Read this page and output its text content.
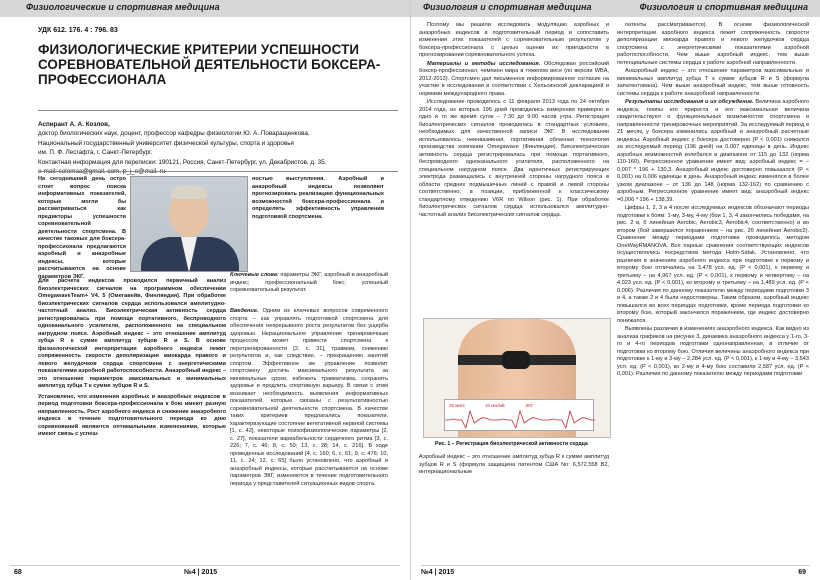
Физиологические и спортивная медицина
УДК 612. 176. 4 : 796. 83
ФИЗИОЛОГИЧЕСКИЕ КРИТЕРИИ УСПЕШНОСТИ СОРЕВНОВАТЕЛЬНОЙ ДЕЯТЕЛЬНОСТИ БОКСЕРА-ПРОФЕССИОНАЛА
Аспирант А. А. Козлов,
доктор биологических наук, доцент, профессор кафедры физиологии Ю. А. Поваращенкова,
Национальный государственный университет физической культуры, спорта и здоровья
им. П. Ф. Лесгафта, г. Санкт-Петербург.
Контактная информация для переписки: 190121, Россия, Санкт-Петербург, ул. Декабристов, д. 35.
На сегодняшний день остро стоит вопрос поиска информативных показателей, которые могли бы рассматриваться как предикторы успешности соревновательной деятельности спортсмена. В качестве таковых для боксера-профессионала предлагаются аэробный и анаэробные индексы, которые рассчитываются на основе параметров ЭКГ.
ностью выступления. Аэробный и анаэробный индексы позволяют прогнозировать реализацию функциональных возможностей боксера-профессионала и определять эффективность управления подготовкой спортсмена.
Для расчета индексов проводился первичный анализ биоэлектрических сигналов на программном обеспечении OmegawaveTeam+ V4. 5 (Омегавейв, Финляндия). При обработке биоэлектрических сигналов сердца использовался амплитудно-частотный анализ. Биоэлектрическая активность сердца регистрировалась при помощи портативного, беспроводного одноканального усилителя, расположенного на специальном нагрудном поясе. Аэробный индекс – это отношение амплитуд зубца R к сумме амплитуд зубцов R и S. В основе физиологической интерпретации аэробного индекса лежит сопряженность скорости деполяризации миокарда правого и левого желудочков сердца спортсмена с энергетическими показателями аэробной работоспособности. Анаэробный индекс – это отношение параметров максимальных и минимальных амплитуд зубца Т к сумме зубцов R и S.
Установлено, что изменения аэробных и анаэробных индексов в период подготовки боксера-профессионала к бою имеют разную направленность. Рост аэробного индекса и снижение анаэробного индекса в течение подготовительного периода ко дню соревнований являются оптимальными изменениями, которые имеют связь с успеш-
Ключевые слова: параметры ЭКГ; аэробный и анаэробный индекс; профессиональный бокс; успешный соревновательный результат.
Введение. Одним из ключевых вопросов современного спорта – как управлять подготовкой спортсмена для обеспечения непрерывного роста результатов без ущерба здоровью. Нерациональное управление тренировочным процессом может привести спортсмена к перетренированности [2, с. 31], травмам, снижению результатов и, как следствие, – прекращению занятий спортом. Эффективное же управление позволит спортсмену достичь максимального результата за минимальные сроки, избежать травматизма, сохранить здоровье и продлить спортивную карьеру. В связи с этим возникает необходимость выявления информативных показателей, которые связаны с результативностью соревновательной деятельности спортсмена. В качестве таких критериев предлагались показатели, характеризующие состояние вегетативной нервной системы [1, с. 42], некоторые психофизиологические параметры [2, с. 27], показатели вариабельности сердечного ритма [3, с. 226; 7, с. 46; 8, с. 50; 13, с. 28; 14, с. 216]. В ходе проведенных исследований [4, с. 160; 6, с. 61; 9, с. 476; 10, 11, с. 24; 12, с. 65] было установлено, что аэробный и анаэробный индексы, которые рассчитываются на основе параметров ЭКГ, изменяются в течение подготовительного периода у представителей ситуационных видов спорта.
68	№4 | 2015
Физиология и спортивная медицина	Физиология и спортивная медицина

Поэтому мы решили исследовать модуляцию аэробных и анаэробных индексов в подготовительный период и сопоставить изменения этих показателей с соревновательным результатом у боксера-профессионала с целью оценки их пригодности в прогнозировании соревновательного успеха.

Материалы и методы исследования. Обследован российский боксер-профессионал, чемпион мира в тяжелом весе (по версии WBA, 2012-2013). Спортсмен дал письменное информированное согласие на участие в исследовании в соответствии с Хельсинской декларацией и нормами международного права.

Исследование проводилось с 11 февраля 2013 года по 24 октября 2014 года, из которых 196 дней проводились измерения примерно в одно и то же время суток – 7:30 до 9:00 часов утра. Регистрация биоэлектрических сигналов проводилась в стандартных условиях, необходимых для качественной записи ЭКГ. В исследовании использовалось неинвазивная, портативная облачная технология производства компании Omegawave (Финляндия). Биоэлектрическая активность сердца регистрировалась при помощи портативного, беспроводного одноканального усилителя, расположенного на специальном нагрудном поясе. Два идентичных регистрирующих электрода размещались с внутренней стороны нагрудного пояса в области средних подмышечных линий с правой и левой стороны соответственно, в позиции, приближенной к классическому стандартному отведению V6R по Wilson (рис. 1). При обработке биоэлектрических сигналов сердца использовался амплитудно-частотный анализ биоэлектрических сигналов сердца.

25 мм/с	10 мм/мВ	ЭКГ
Рис. 1 – Регистрация биоэлектрической активности сердца
Аэробный индекс – это отношение амплитуд зубца R к сумме амплитуд зубцов R и S (формула защищена патентом США No: 6,572,558 B2, интернациональные

патенты рассматриваются). В основе физиологической интерпретации аэробного индекса лежит сопряженность скорости деполяризации миокарда правого и левого желудочков сердца спортсмена с энергетическими показателями аэробной работоспособности. Чем выше аэробный индекс, тем выше потенциальные системы сердца к работе аэробной направленности.

Анаэробный индекс – это отношение параметров максимальных и минимальных амплитуд зубца Т к сумме зубцов R и S (формула запатентована). Чем выше анаэробный индекс, тем выше готовность системы сердца к работе анаэробной направленности.

Результаты исследования и их обсуждение. Величина аэробного индекса, темпы его прироста и его максимальная величина свидетельствуют о функциональных возможностях спортсмена и направленности тренировочных мероприятий. За исследуемый период в 21 месяц у боксера изменились аэробный и анаэробный расчетные индексы. Аэробный индекс у боксера достоверно (P < 0,001) снижался за исследуемый период (196 дней) на 0,007 единицы в день. Индекс аэробных возможностей колебался в диапазоне от 115 до 132 (норма 110-160). Регрессионное уравнение имеет вид: аэробный индекс = – 0,007 * 196 + 130,3. Анаэробный индекс достоверно повышался (P < 0,001) на 0,006 единицы в день. Анаэробный индекс изменялся в более узком диапазоне – от 136 до 148 (норма 132-162) по сравнению с аэробным. Регрессионное уравнение имеет вид: анаэробный индекс =0,006 * 196 + 138,39.

Цифры 1, 2, 3 и 4 после исследуемых индексов обозначают периоды подготовки к боям: 1-му, 3-му, 4-му (бои 1, 3, 4 закончились победами, на рис. 2 в, б линейная Aerobic, Aerobic3, Aerobic4, соответственно) и во втором (бой завершился поражением – на рис. 2б линейная Aerobic2). Сравнение между периодами подготовки проводилось методом OneWayRMANOVA. Все парные сравнения соответствующих индексов осуществлялись посредством метода Holm-Sidak. Установлено, что различия в значениях аэробного индекса при подготовке к первому и второму бою отличались на 3,478 усл. ед. (P < 0,001), к первому и третьему – на 4,967 усл. ед. (P < 0,001), к первому и четвертому – на 4,023 усл. ед. (P < 0,001), ко второму и третьему – на 1,489 усл. ед. (P < 0,006). Различия по данному показателю между периодами подготовки 3 и 4, а также 2 и 4 были недостоверны. Таким образом, аэробный индекс повышался во всех периодах подготовки, кроме периода подготовки ко второму бою, который закончился поражением, где индекс достоверно понижался.

Выявлены различия в изменениях анаэробного индекса. Как видно из анализа графиков на рисунке 3, динамика анаэробного индекса у 1-го, 3-го и 4-го периодов подготовки однонаправленная, в отличие от подготовки ко второму бою. Отличия величины анаэробного индекса при подготовке к 1-му и 3-му – 2,284 усл. ед. (P < 0,001), к 1-му и 4-му – 3,543 усл. ед. (P < 0,001), ко 2-му и 4-му бою составили 2,587 усл. ед. (P < 0,001). Различия по данному показателю между периодами подготовки

№4 | 2015	69
